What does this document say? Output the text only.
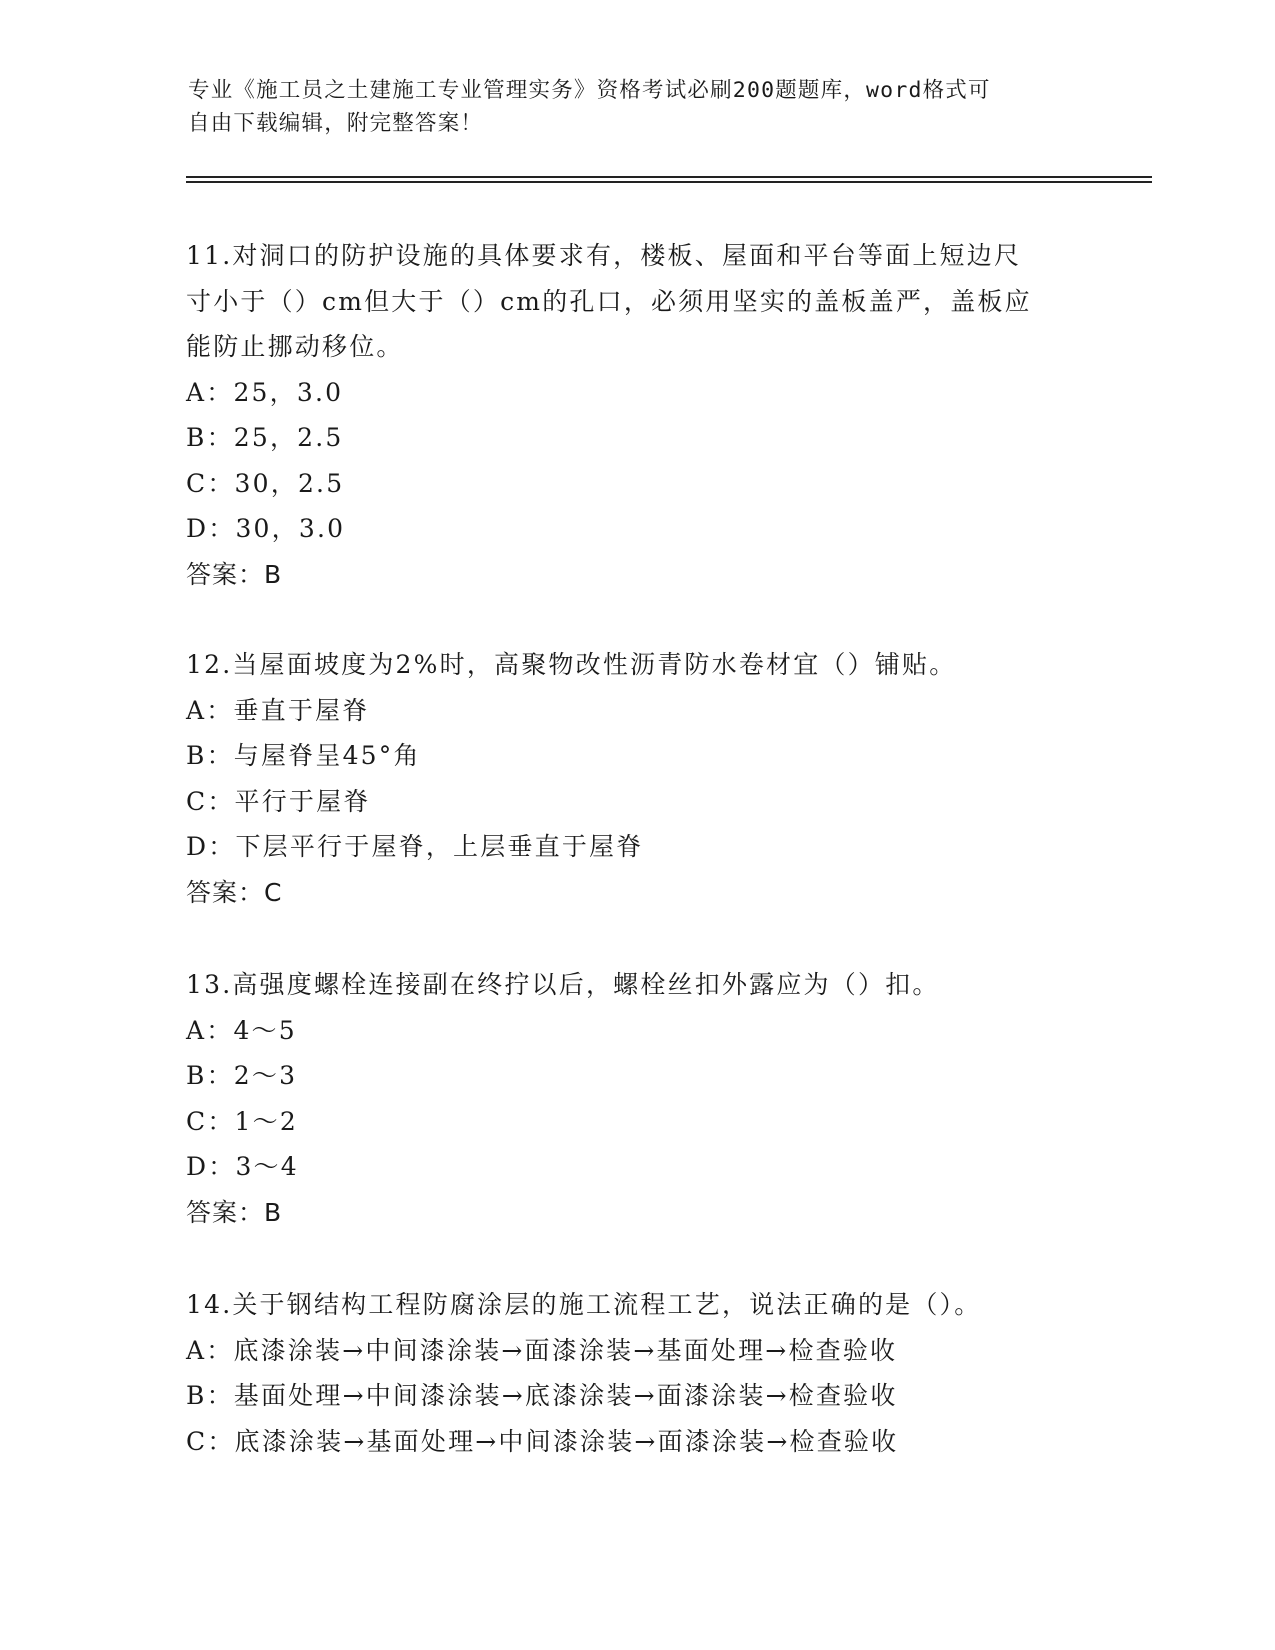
专业《施工员之土建施工专业管理实务》资格考试必刷200题题库，word格式可
自由下载编辑，附完整答案！
11.对洞口的防护设施的具体要求有，楼板、屋面和平台等面上短边尺
寸小于（）cm但大于（）cm的孔口，必须用坚实的盖板盖严，盖板应
能防止挪动移位。
A：25，3.0
B：25，2.5
C：30，2.5
D：30，3.0
答案：B
12.当屋面坡度为2%时，高聚物改性沥青防水卷材宜（）铺贴。
A：垂直于屋脊
B：与屋脊呈45°角
C：平行于屋脊
D：下层平行于屋脊，上层垂直于屋脊
答案：C
13.高强度螺栓连接副在终拧以后，螺栓丝扣外露应为（）扣。
A：4～5
B：2～3
C：1～2
D：3～4
答案：B
14.关于钢结构工程防腐涂层的施工流程工艺，说法正确的是（）。
A：底漆涂装→中间漆涂装→面漆涂装→基面处理→检查验收
B：基面处理→中间漆涂装→底漆涂装→面漆涂装→检查验收
C：底漆涂装→基面处理→中间漆涂装→面漆涂装→检查验收
